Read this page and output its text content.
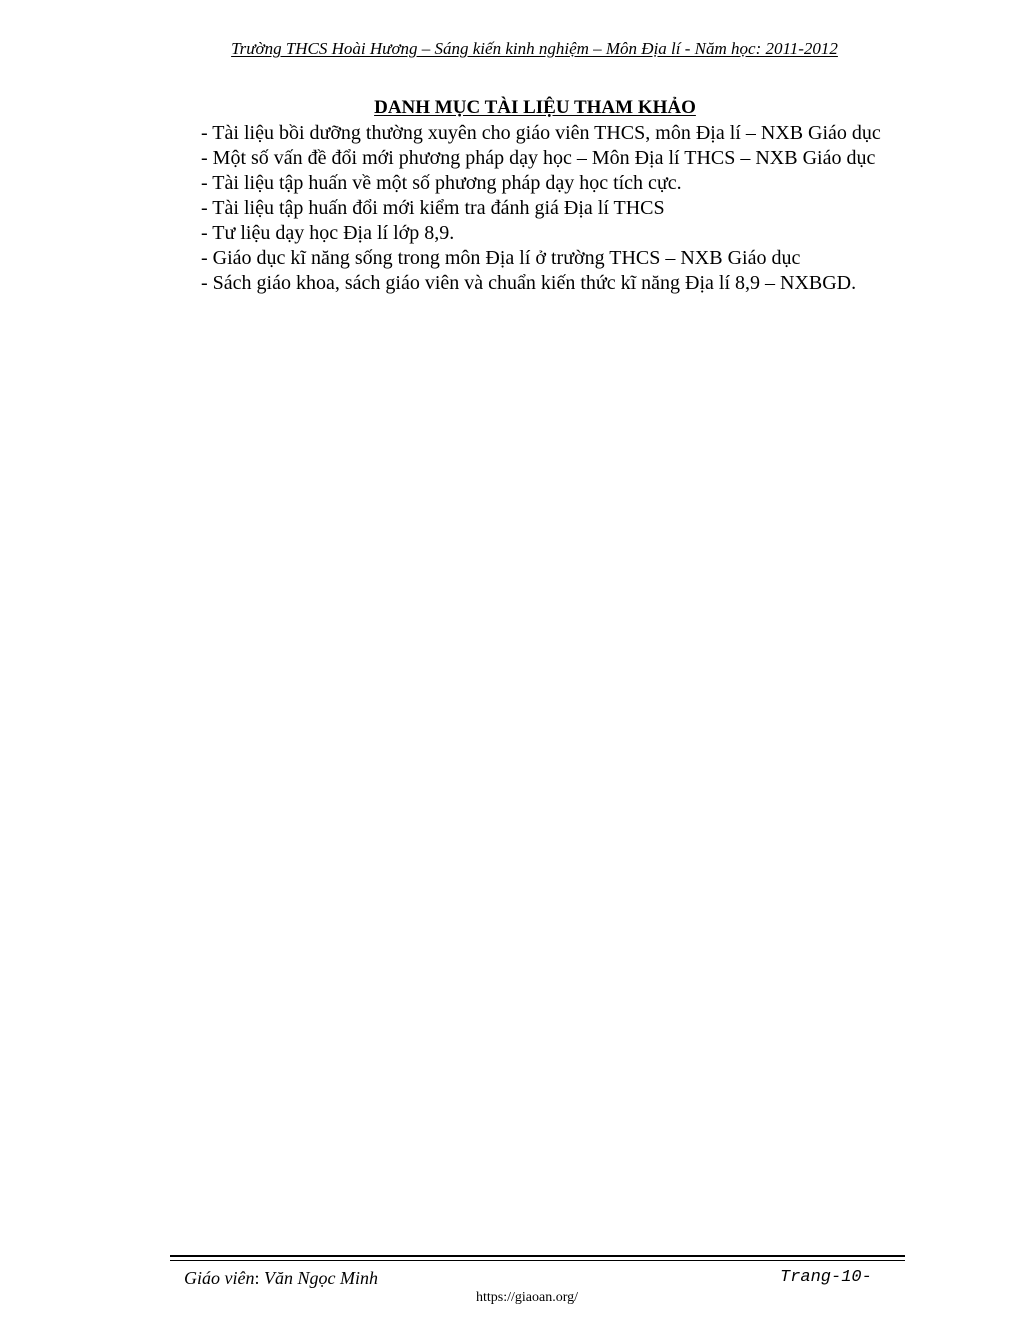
Trường THCS Hoài Hương – Sáng kiến kinh nghiệm – Môn Địa lí - Năm học: 2011-2012
DANH MỤC TÀI LIỆU THAM KHẢO
- Tài liệu bồi dưỡng thường xuyên cho giáo viên THCS, môn Địa lí – NXB Giáo dục
- Một số vấn đề đổi mới phương pháp dạy học – Môn Địa lí THCS – NXB Giáo dục
- Tài liệu tập huấn về một số phương pháp dạy học tích cực.
- Tài liệu tập huấn đổi mới kiểm tra đánh giá Địa lí THCS
- Tư liệu dạy học Địa lí lớp 8,9.
- Giáo dục kĩ năng sống trong môn Địa lí ở trường THCS – NXB Giáo dục
- Sách giáo khoa, sách giáo viên và chuẩn kiến thức kĩ năng Địa lí 8,9 – NXBGD.
Giáo viên: Văn Ngọc Minh	Trang-10-
https://giaoan.org/
